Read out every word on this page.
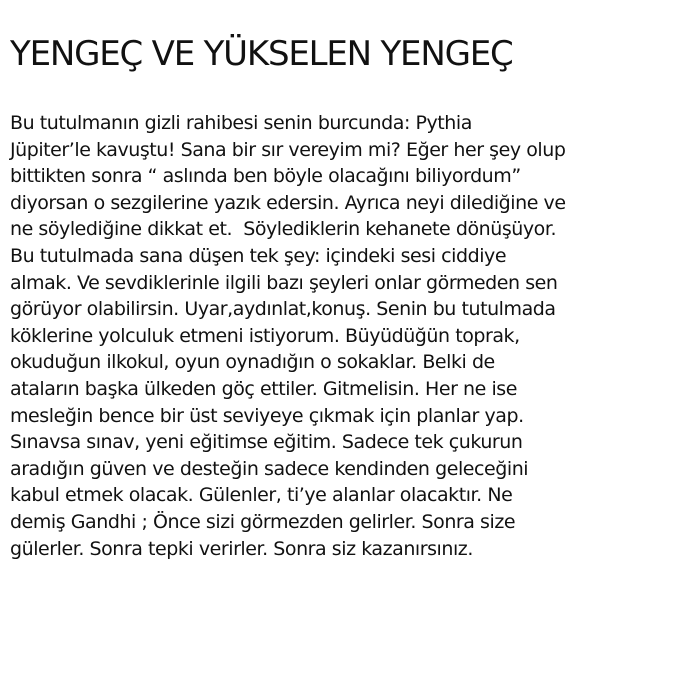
YENGEÇ VE YÜKSELEN YENGEÇ
Bu tutulmanın gizli rahibesi senin burcunda: Pythia
Jüpiter’le kavuştu! Sana bir sır vereyim mi? Eğer her şey olup
bittikten sonra “ aslında ben böyle olacağını biliyordum”
diyorsan o sezgilerine yazık edersin. Ayrıca neyi dilediğine ve
ne söylediğine dikkat et.  Söylediklerin kehanete dönüşüyor.
Bu tutulmada sana düşen tek şey: içindeki sesi ciddiye
almak. Ve sevdiklerinle ilgili bazı şeyleri onlar görmeden sen
görüyor olabilirsin. Uyar,aydınlat,konuş. Senin bu tutulmada
köklerine yolculuk etmeni istiyorum. Büyüdüğün toprak,
okuduğun ilkokul, oyun oynadığın o sokaklar. Belki de
ataların başka ülkeden göç ettiler. Gitmelisin. Her ne ise
mesleğin bence bir üst seviyeye çıkmak için planlar yap.
Sınavsa sınav, yeni eğitimse eğitim. Sadece tek çukurun
aradığın güven ve desteğin sadece kendinden geleceğini
kabul etmek olacak. Gülenler, ti’ye alanlar olacaktır. Ne
demiş Gandhi ; Önce sizi görmezden gelirler. Sonra size
gülerler. Sonra tepki verirler. Sonra siz kazanırsınız.
